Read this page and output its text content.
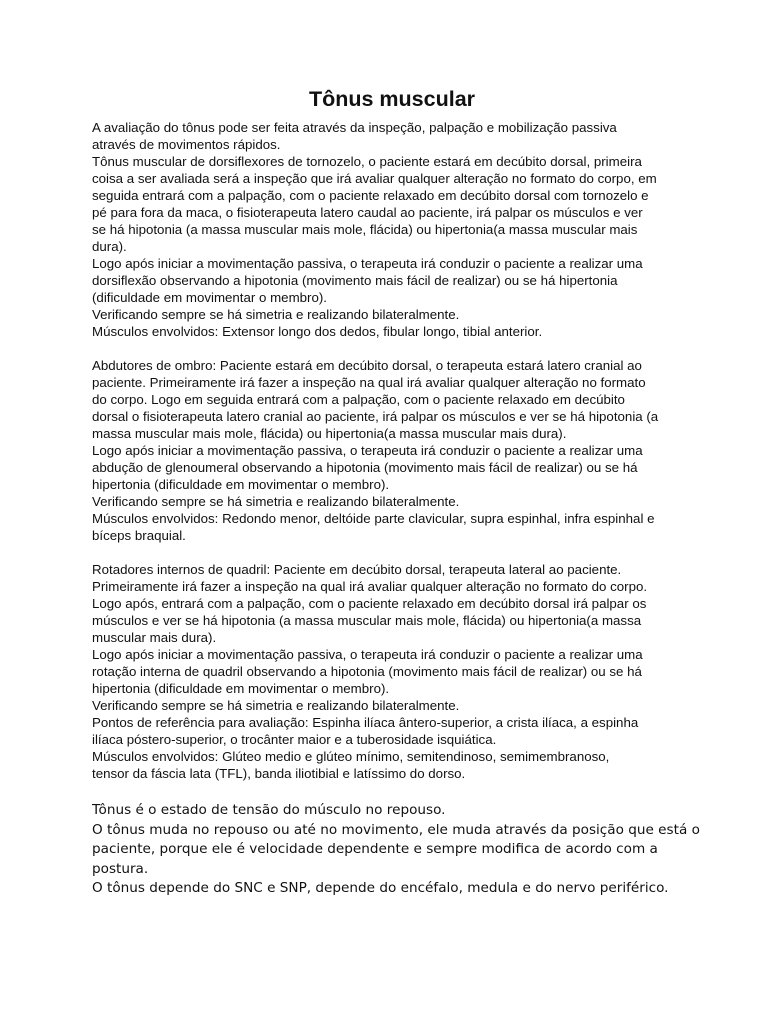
Tônus muscular
A avaliação do tônus pode ser feita através da inspeção, palpação e mobilização passiva
através de movimentos rápidos.
Tônus muscular de dorsiflexores de tornozelo, o paciente estará em decúbito dorsal, primeira
coisa a ser avaliada será a inspeção que irá avaliar qualquer alteração no formato do corpo, em
seguida entrará com a palpação, com o paciente relaxado em decúbito dorsal com tornozelo e
pé para fora da maca, o fisioterapeuta latero caudal ao paciente, irá palpar os músculos e ver
se há hipotonia (a massa muscular mais mole, flácida) ou hipertonia(a massa muscular mais
dura).
Logo após iniciar a movimentação passiva, o terapeuta irá conduzir o paciente a realizar uma
dorsiflexão observando a hipotonia (movimento mais fácil de realizar) ou se há hipertonia
(dificuldade em movimentar o membro).
Verificando sempre se há simetria e realizando bilateralmente.
Músculos envolvidos: Extensor longo dos dedos, fibular longo, tibial anterior.
Abdutores de ombro: Paciente estará em decúbito dorsal, o terapeuta estará latero cranial ao
paciente. Primeiramente irá fazer a inspeção na qual irá avaliar qualquer alteração no formato
do corpo. Logo em seguida entrará com a palpação, com o paciente relaxado em decúbito
dorsal o fisioterapeuta latero cranial ao paciente, irá palpar os músculos e ver se há hipotonia (a
massa muscular mais mole, flácida) ou hipertonia(a massa muscular mais dura).
Logo após iniciar a movimentação passiva, o terapeuta irá conduzir o paciente a realizar uma
abdução de glenoumeral observando a hipotonia (movimento mais fácil de realizar) ou se há
hipertonia (dificuldade em movimentar o membro).
Verificando sempre se há simetria e realizando bilateralmente.
Músculos envolvidos: Redondo menor, deltóide parte clavicular, supra espinhal, infra espinhal e
bíceps braquial.
Rotadores internos de quadril: Paciente em decúbito dorsal, terapeuta lateral ao paciente.
Primeiramente irá fazer a inspeção na qual irá avaliar qualquer alteração no formato do corpo.
Logo após, entrará com a palpação, com o paciente relaxado em decúbito dorsal irá palpar os
músculos e ver se há hipotonia (a massa muscular mais mole, flácida) ou hipertonia(a massa
muscular mais dura).
Logo após iniciar a movimentação passiva, o terapeuta irá conduzir o paciente a realizar uma
rotação interna de quadril observando a hipotonia (movimento mais fácil de realizar) ou se há
hipertonia (dificuldade em movimentar o membro).
Verificando sempre se há simetria e realizando bilateralmente.
Pontos de referência para avaliação: Espinha ilíaca ântero-superior, a crista ilíaca, a espinha
ilíaca póstero-superior, o trocânter maior e a tuberosidade isquiática.
Músculos envolvidos: Glúteo medio e glúteo mínimo, semitendinoso, semimembranoso,
tensor da fáscia lata (TFL), banda iliotibial e latíssimo do dorso.
Tônus é o estado de tensão do músculo no repouso.
O tônus muda no repouso ou até no movimento, ele muda através da posição que está o
paciente, porque ele é velocidade dependente e sempre modifica de acordo com a
postura.
O tônus depende do SNC e SNP, depende do encéfalo, medula e do nervo periférico.
